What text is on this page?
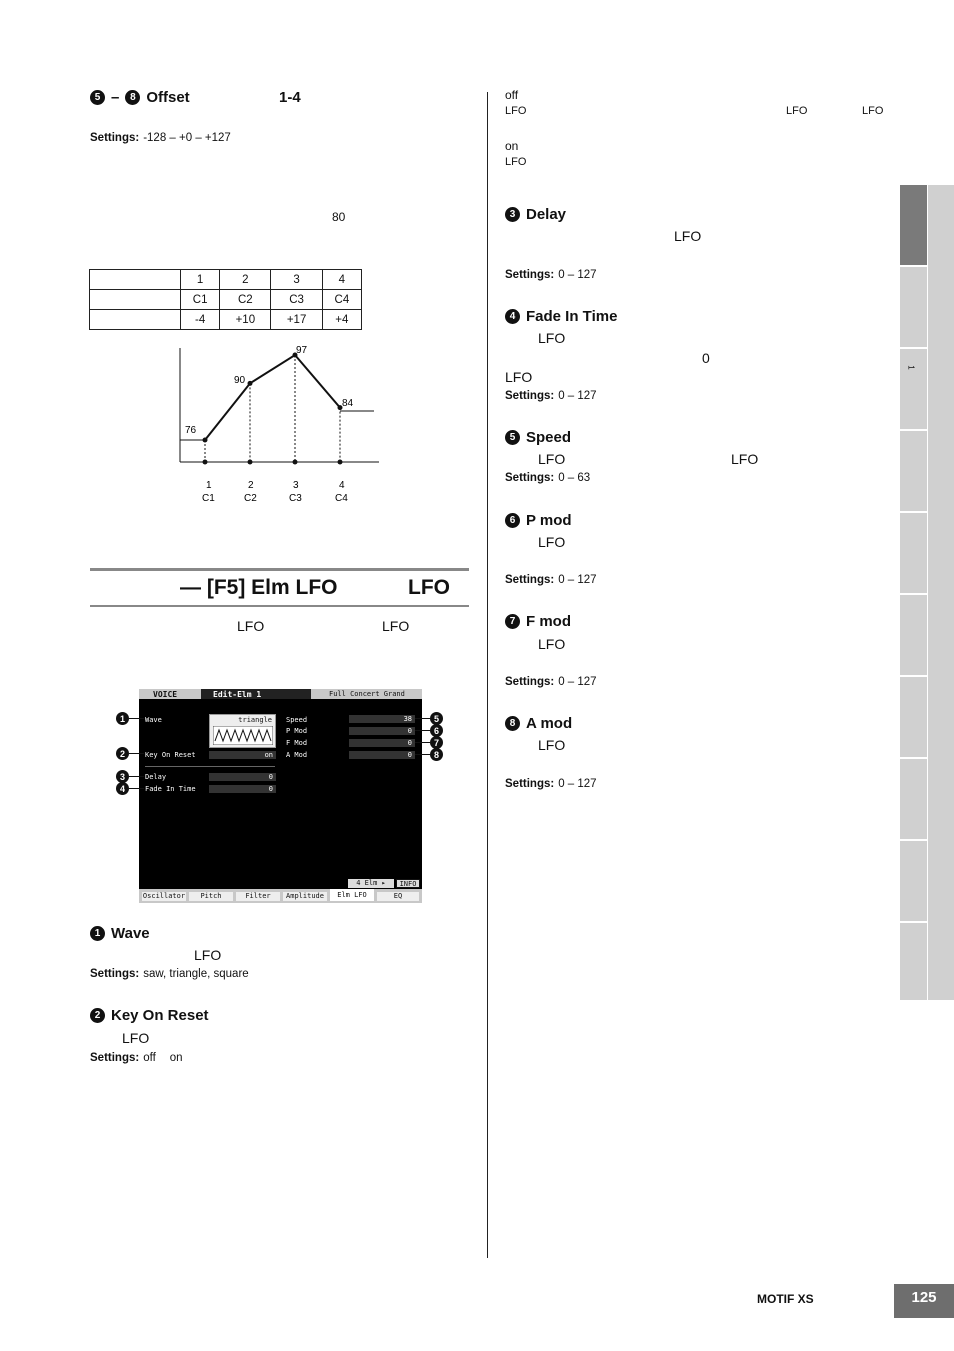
5 –	8 Offset	1-4
Settings: -128 – +0 – +127
80
	1	2	3	4
	C1	C2	C3	C4
	-4	+10	+17	+4
76
90
97
84
1	2	3	4
C1	C2	C3	C4
— [F5] Elm LFO	LFO
LFO	LFO
VOICE	Edit-Elm 1	Full Concert Grand
Wave	triangle
Key On Reset	on
Delay	0
Fade In Time	0
Speed	38
P Mod	0
F Mod	0
A Mod	0
4 Elm ▸	INFO
Oscillator	Pitch	Filter	Amplitude	Elm LFO	EQ
1
2
3
4
5
6
7
8
1 Wave
LFO
Settings: saw, triangle, square
2 Key On Reset
LFO
Settings: off on
off
LFO	LFO	LFO
on
LFO
3 Delay
LFO
Settings: 0 – 127
4 Fade In Time
LFO
0
LFO
Settings: 0 – 127
5 Speed
LFO	LFO
Settings: 0 – 63
6 P mod
LFO
Settings: 0 – 127
7 F mod
LFO
Settings: 0 – 127
8 A mod
LFO
Settings: 0 – 127
1
MOTIF XS	125
